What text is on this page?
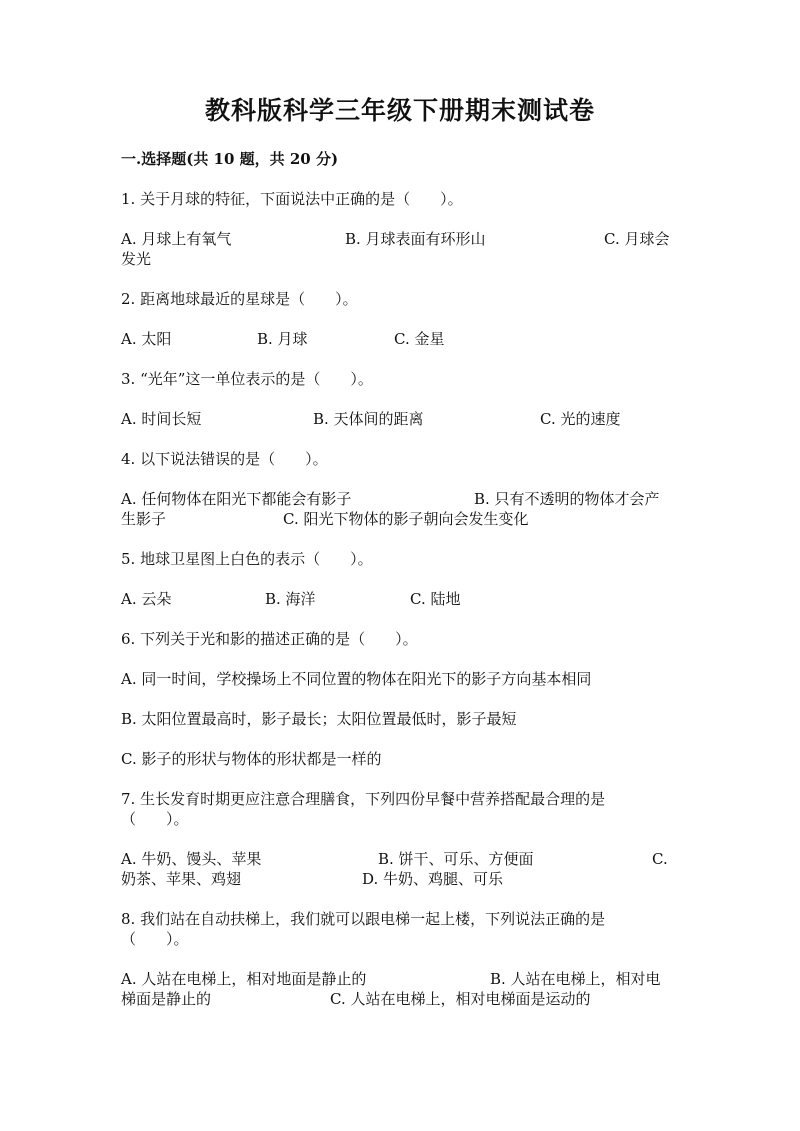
教科版科学三年级下册期末测试卷
一.选择题(共 10 题，共 20 分)
1. 关于月球的特征，下面说法中正确的是（　　）。
A. 月球上有氧气	B. 月球表面有环形山	C. 月球会
发光
2. 距离地球最近的星球是（　　）。
A. 太阳	B. 月球	C. 金星
3. “光年”这一单位表示的是（　　）。
A. 时间长短	B. 天体间的距离	C. 光的速度
4. 以下说法错误的是（　　）。
A. 任何物体在阳光下都能会有影子	B. 只有不透明的物体才会产
生影子	C. 阳光下物体的影子朝向会发生变化
5. 地球卫星图上白色的表示（　　）。
A. 云朵	B. 海洋	C. 陆地
6. 下列关于光和影的描述正确的是（　　）。
A. 同一时间，学校操场上不同位置的物体在阳光下的影子方向基本相同
B. 太阳位置最高时，影子最长；太阳位置最低时，影子最短
C. 影子的形状与物体的形状都是一样的
7. 生长发育时期更应注意合理膳食，下列四份早餐中营养搭配最合理的是
（　　）。
A. 牛奶、馒头、苹果	B. 饼干、可乐、方便面	C.
奶茶、苹果、鸡翅	D. 牛奶、鸡腿、可乐
8. 我们站在自动扶梯上，我们就可以跟电梯一起上楼，下列说法正确的是
（　　）。
A. 人站在电梯上，相对地面是静止的	B. 人站在电梯上，相对电
梯面是静止的	C. 人站在电梯上，相对电梯面是运动的
